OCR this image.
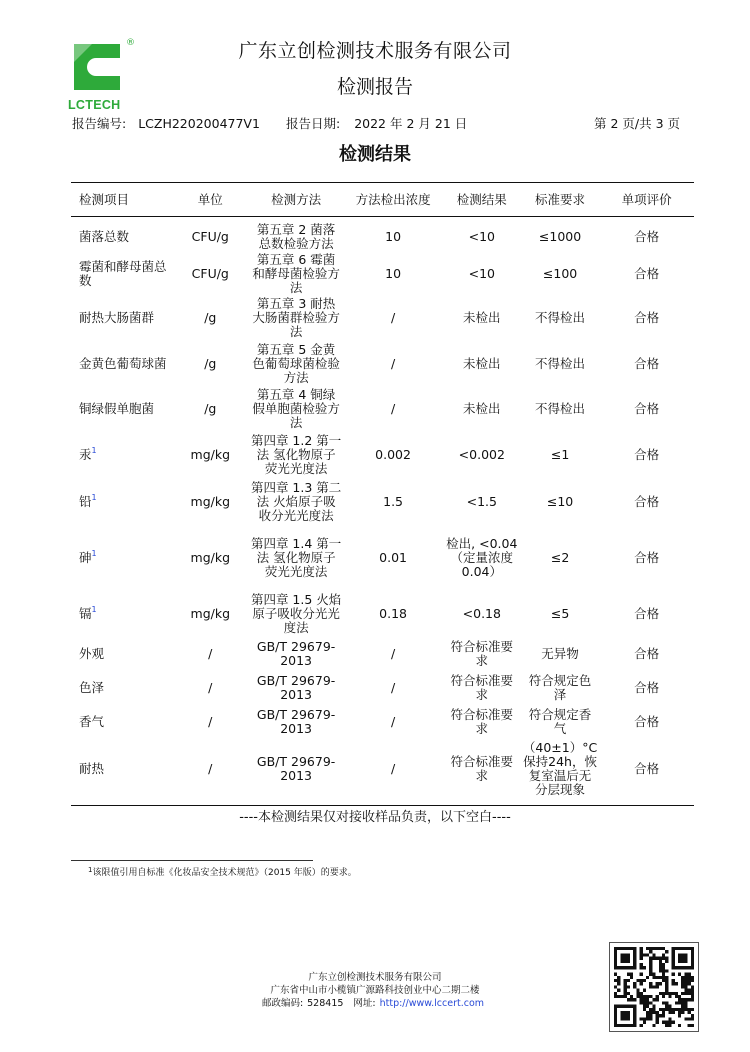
®
LCTECH
广东立创检测技术服务有限公司
检测报告
报告编号: LCZH220200477V1 报告日期: 2022 年 2 月 21 日	第 2 页/共 3 页
检测结果
检测项目	单位	检测方法	方法检出浓度	检测结果	标准要求	单项评价
菌落总数	CFU/g	第五章 2 菌落总数检验方法	10	<10	≤1000	合格
霉菌和酵母菌总数	CFU/g	第五章 6 霉菌和酵母菌检验方法	10	<10	≤100	合格
耐热大肠菌群	/g	第五章 3 耐热大肠菌群检验方法	/	未检出	不得检出	合格
金黄色葡萄球菌	/g	第五章 5 金黄色葡萄球菌检验方法	/	未检出	不得检出	合格
铜绿假单胞菌	/g	第五章 4 铜绿假单胞菌检验方法	/	未检出	不得检出	合格
汞$^1$	mg/kg	第四章 1.2 第一法 氢化物原子荧光光度法	0.002	<0.002	≤1	合格
铅$^1$	mg/kg	第四章 1.3 第二法 火焰原子吸收分光光度法	1.5	<1.5	≤10	合格
砷$^1$	mg/kg	第四章 1.4 第一法 氢化物原子荧光光度法	0.01	检出, <0.04（定量浓度 0.04）	≤2	合格
镉$^1$	mg/kg	第四章 1.5 火焰原子吸收分光光度法	0.18	<0.18	≤5	合格
外观	/	GB/T 29679-2013	/	符合标准要求	无异物	合格
色泽	/	GB/T 29679-2013	/	符合标准要求	符合规定色泽	合格
香气	/	GB/T 29679-2013	/	符合标准要求	符合规定香气	合格
耐热	/	GB/T 29679-2013	/	符合标准要求	（40±1）°C保持24h，恢复室温后无分层现象	合格
----本检测结果仅对接收样品负责，以下空白----
$^1$该限值引用自标准《化妆品安全技术规范》（2015 年版）的要求。
广东立创检测技术服务有限公司
广东省中山市小榄镇广源路科技创业中心二期二楼
邮政编码: 528415 网址: http://www.lccert.com
